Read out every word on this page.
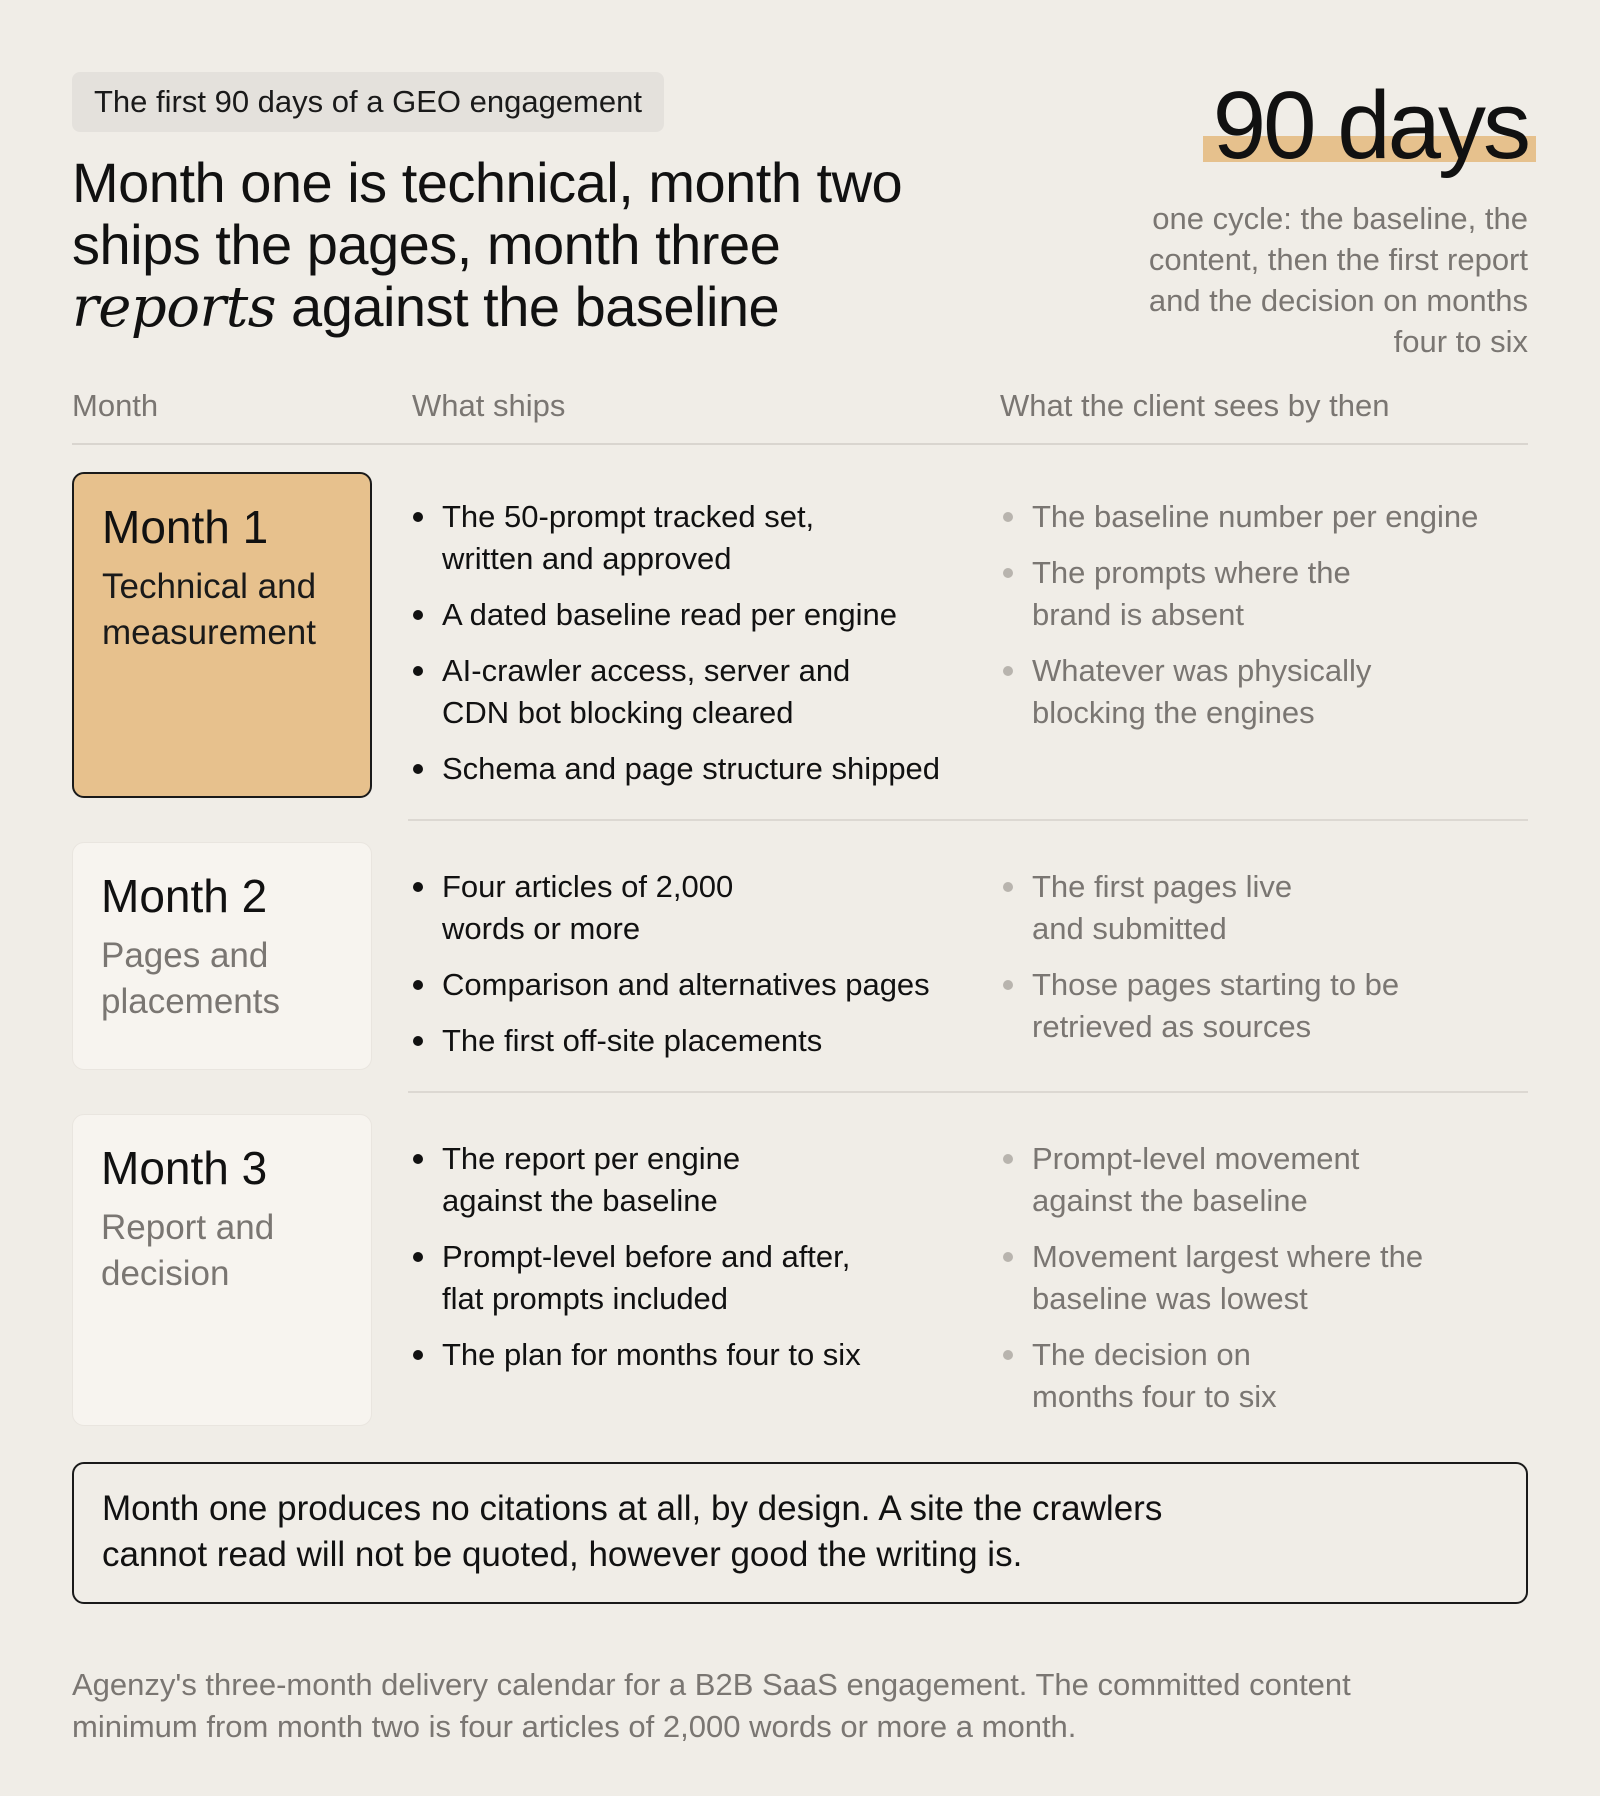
The first 90 days of a GEO engagement
Month one is technical, month two ships the pages, month three reports against the baseline
90 days
one cycle: the baseline, the content, then the first report and the decision on months four to six
Month	What ships	What the client sees by then
Month 1
Technical and measurement
The 50-prompt tracked set, written and approved
A dated baseline read per engine
AI-crawler access, server and CDN bot blocking cleared
Schema and page structure shipped
The baseline number per engine
The prompts where the brand is absent
Whatever was physically blocking the engines
Month 2
Pages and placements
Four articles of 2,000 words or more
Comparison and alternatives pages
The first off-site placements
The first pages live and submitted
Those pages starting to be retrieved as sources
Month 3
Report and decision
The report per engine against the baseline
Prompt-level before and after, flat prompts included
The plan for months four to six
Prompt-level movement against the baseline
Movement largest where the baseline was lowest
The decision on months four to six
Month one produces no citations at all, by design. A site the crawlers cannot read will not be quoted, however good the writing is.
Agenzy's three-month delivery calendar for a B2B SaaS engagement. The committed content minimum from month two is four articles of 2,000 words or more a month.
